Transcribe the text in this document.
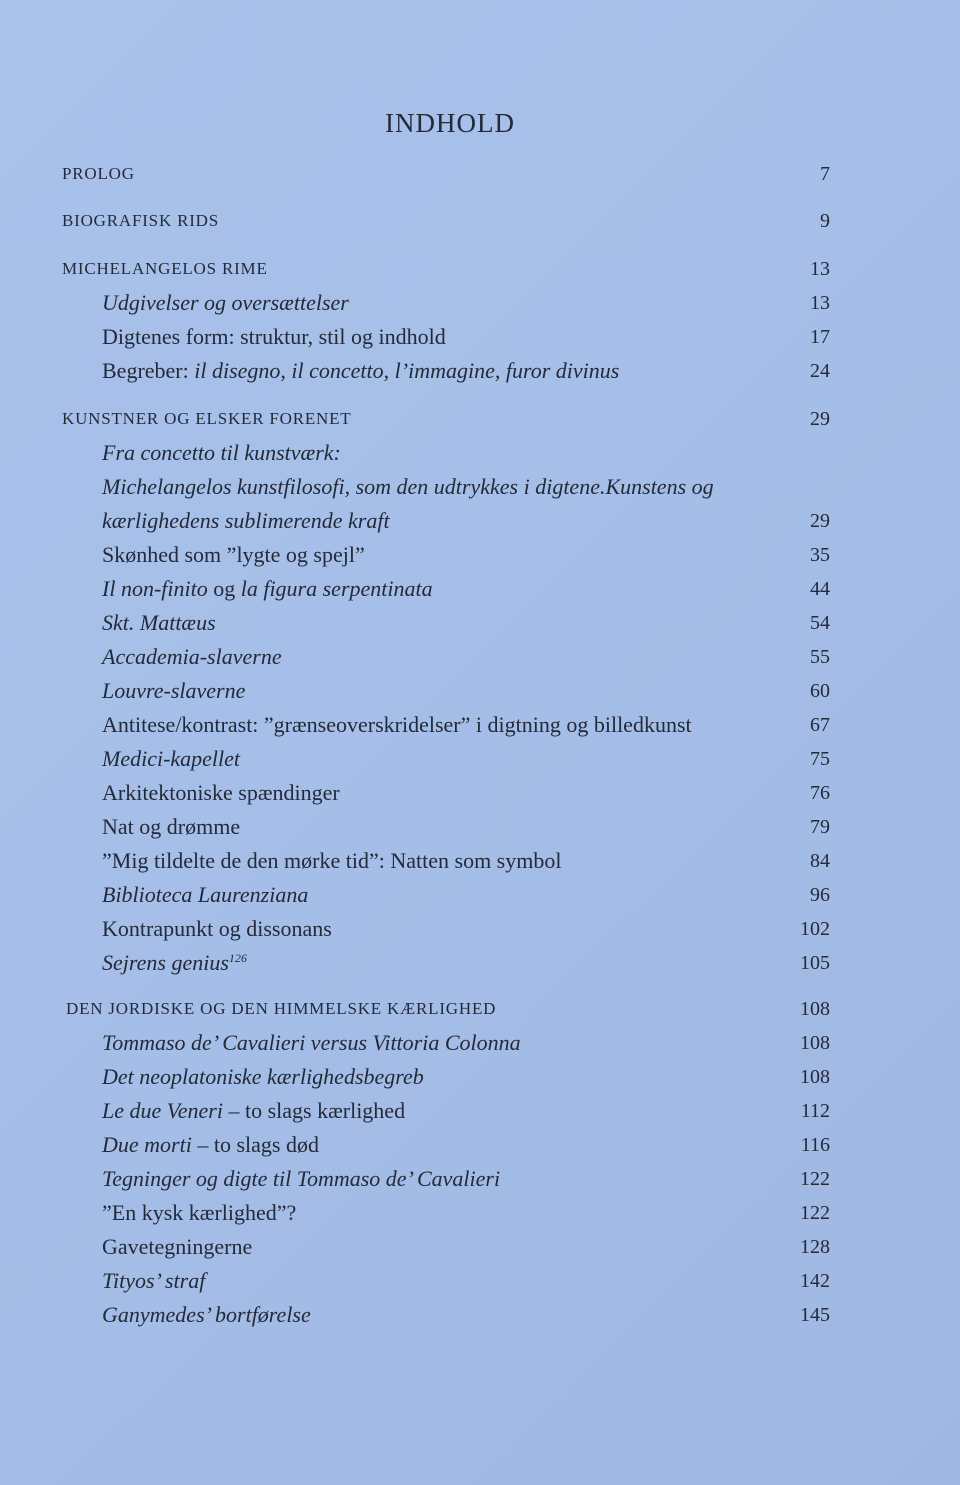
INDHOLD
PROLOG	7
BIOGRAFISK RIDS	9
MICHELANGELOS RIME	13
Udgivelser og oversættelser	13
Digtenes form: struktur, stil og indhold	17
Begreber: il disegno, il concetto, l’immagine, furor divinus	24
KUNSTNER OG ELSKER FORENET	29
Fra concetto til kunstværk:
Michelangelos kunstfilosofi, som den udtrykkes i digtene.Kunstens og
kærlighedens sublimerende kraft	29
Skønhed som ”lygte og spejl”	35
Il non-finito og la figura serpentinata	44
Skt. Mattæus	54
Accademia-slaverne	55
Louvre-slaverne	60
Antitese/kontrast: ”grænseoverskridelser” i digtning og billedkunst	67
Medici-kapellet	75
Arkitektoniske spændinger	76
Nat og drømme	79
”Mig tildelte de den mørke tid”: Natten som symbol	84
Biblioteca Laurenziana	96
Kontrapunkt og dissonans	102
Sejrens genius$^{126}$	105
DEN JORDISKE OG DEN HIMMELSKE KÆRLIGHED	108
Tommaso de’ Cavalieri versus Vittoria Colonna	108
Det neoplatoniske kærlighedsbegreb	108
Le due Veneri – to slags kærlighed	112
Due morti – to slags død	116
Tegninger og digte til Tommaso de’ Cavalieri	122
”En kysk kærlighed”?	122
Gavetegningerne	128
Tityos’ straf	142
Ganymedes’ bortførelse	145
